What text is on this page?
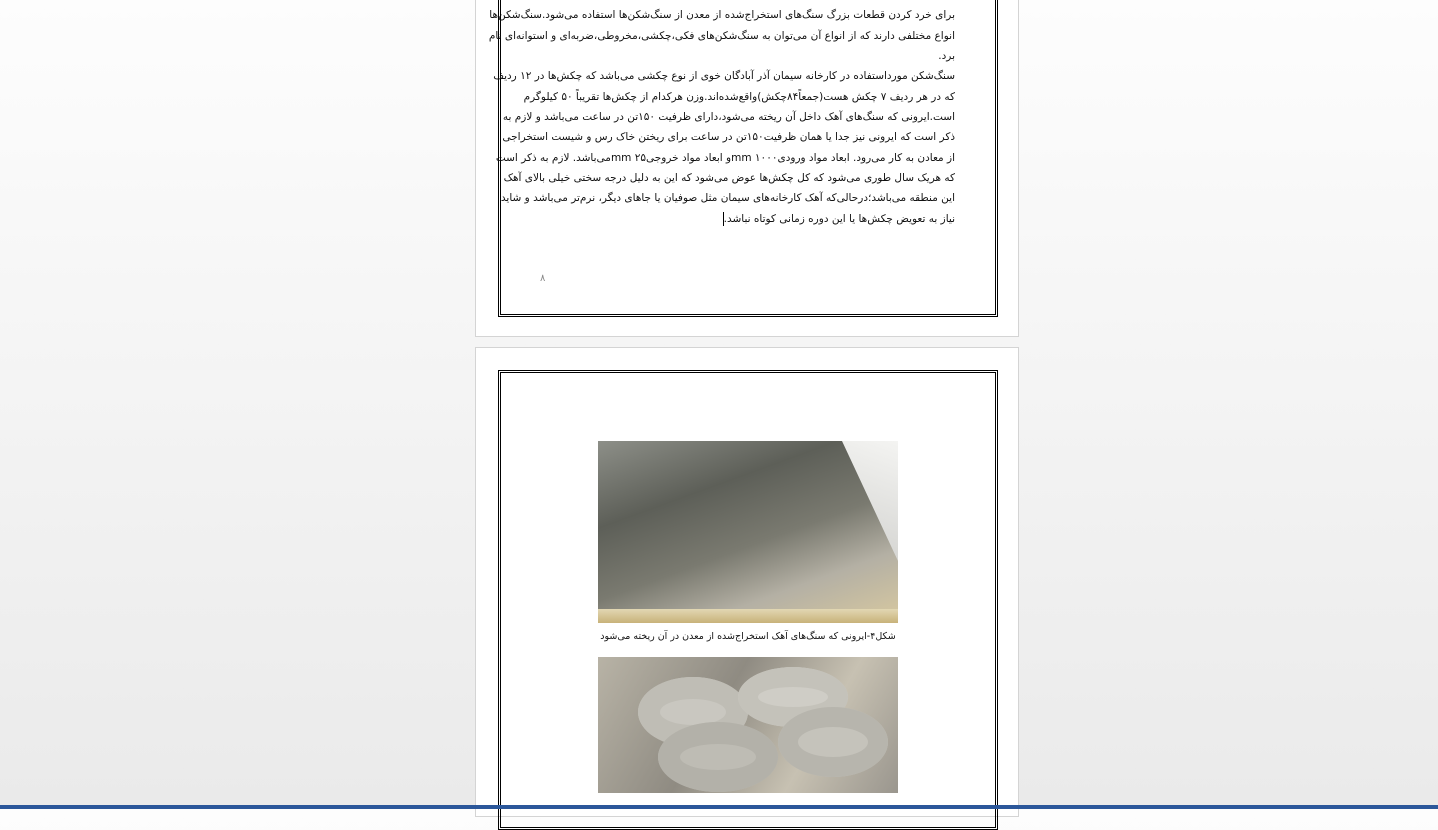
برای خرد کردن قطعات بزرگ سنگ‌های استخراج‌شده از معدن از سنگ‌شکن‌ها استفاده می‌شود.سنگ‌شکن‌ها
انواع مختلفی دارند که از انواع آن می‌توان به سنگ‌شکن‌های فکی،چکشی،مخروطی،ضربه‌ای و استوانه‌ای نام
برد.
سنگ‌شکن مورداستفاده در کارخانه سیمان آذر آبادگان خوی از نوع چکشی می‌باشد که چکش‌ها در ۱۲ ردیف
که در هر ردیف ۷ چکش هست(جمعاً۸۴چکش)واقع‌شده‌اند.وزن هرکدام از چکش‌ها تقریباً ۵۰ کیلوگرم
است.ایرونی که سنگ‌های آهک داخل آن ریخته می‌شود،دارای ظرفیت ۱۵۰تن در ساعت می‌باشد و لازم به
ذکر است که ایرونی نیز جدا یا همان ظرفیت۱۵۰تن در ساعت برای ریختن خاک رس و شیست استخراجی
از معادن به کار می‌رود. ابعاد مواد ورودیmm ۱۰۰۰و ابعاد مواد خروجیmm ۲۵می‌باشد. لازم به ذکر است
که هریک سال طوری می‌شود که کل چکش‌ها عوض می‌شود که این به دلیل درجه سختی خیلی بالای آهک
این منطقه می‌باشد؛درحالی‌که آهک کارخانه‌های سیمان مثل صوفیان یا جاهای دیگر، نرم‌تر می‌باشد و شاید
نیاز به تعویض چکش‌ها یا این دوره زمانی کوتاه نباشد.
۸
شکل۴-ایرونی که سنگ‌های آهک استخراج‌شده از معدن در آن ریخته می‌شود
